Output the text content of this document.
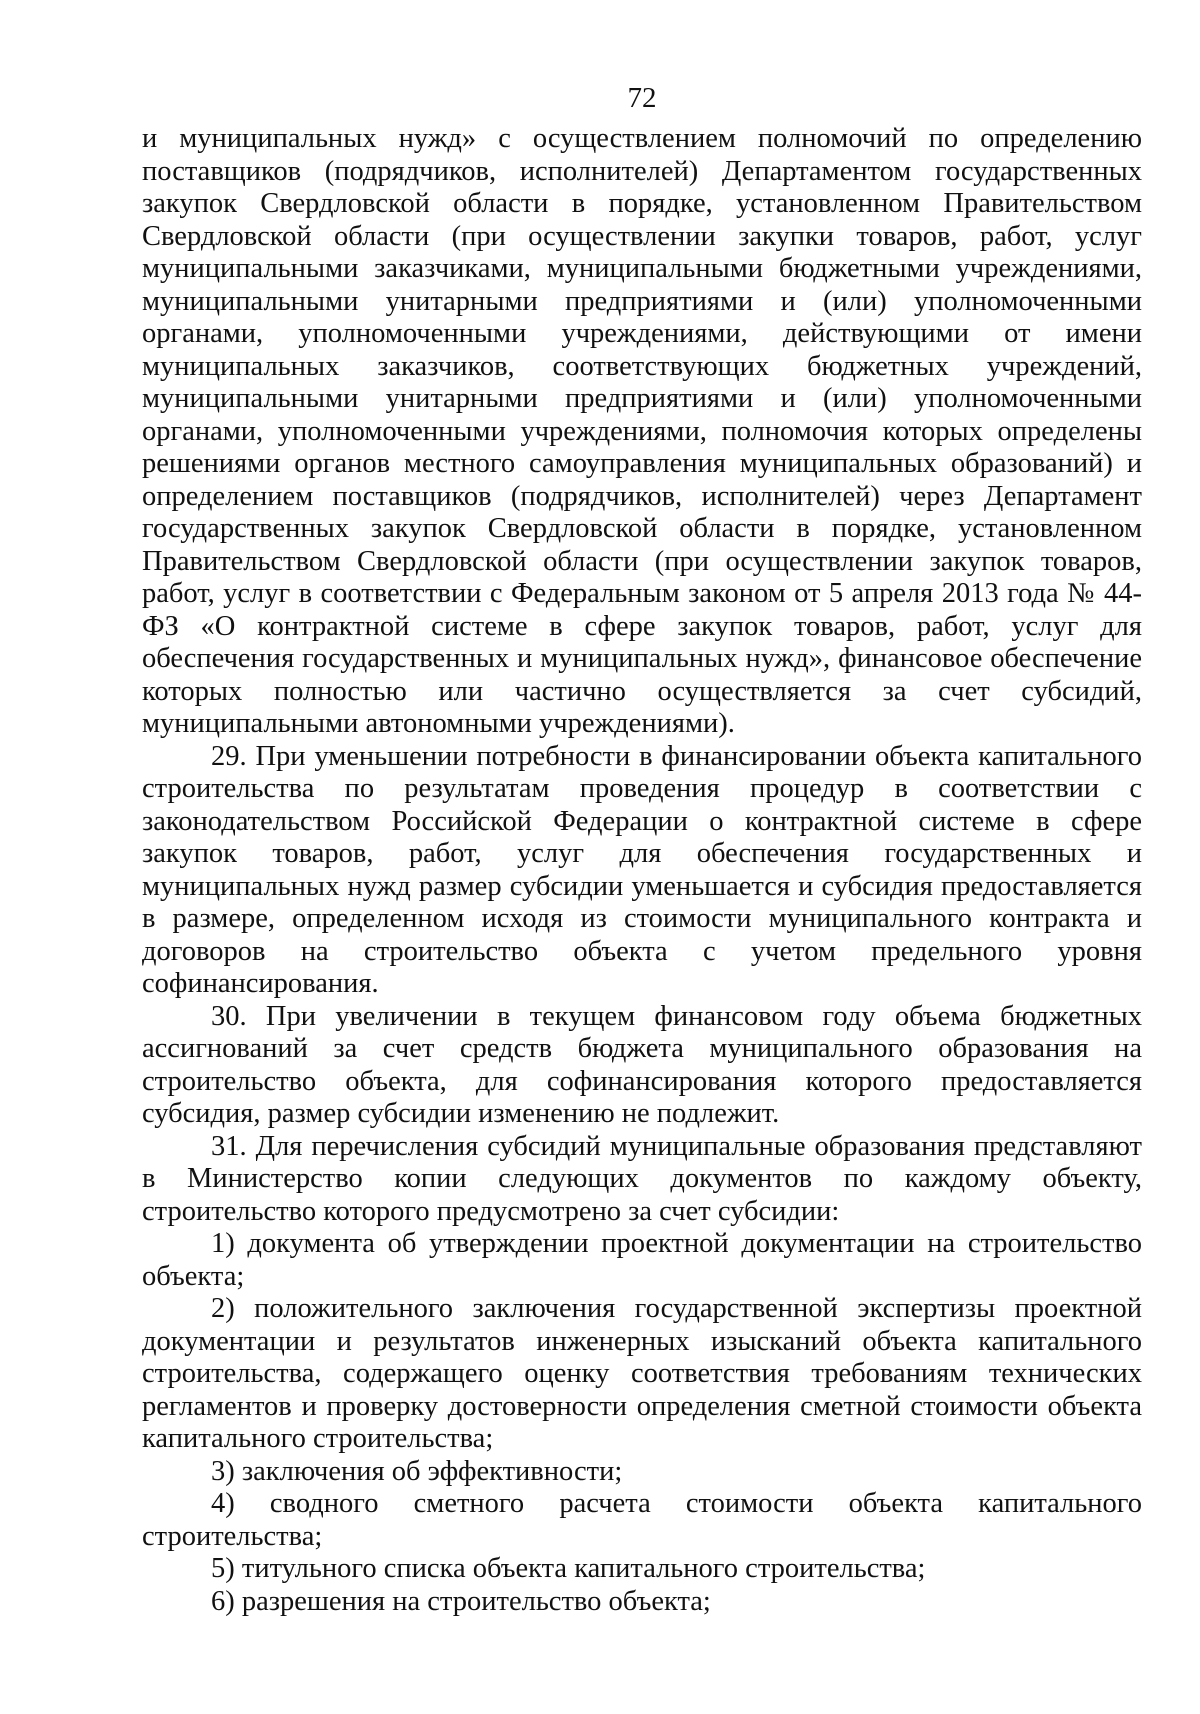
72

и муниципальных нужд» с осуществлением полномочий по определению поставщиков (подрядчиков, исполнителей) Департаментом государственных закупок Свердловской области в порядке, установленном Правительством Свердловской области (при осуществлении закупки товаров, работ, услуг муниципальными заказчиками, муниципальными бюджетными учреждениями, муниципальными унитарными предприятиями и (или) уполномоченными органами, уполномоченными учреждениями, действующими от имени муниципальных заказчиков, соответствующих бюджетных учреждений, муниципальными унитарными предприятиями и (или) уполномоченными органами, уполномоченными учреждениями, полномочия которых определены решениями органов местного самоуправления муниципальных образований) и определением поставщиков (подрядчиков, исполнителей) через Департамент государственных закупок Свердловской области в порядке, установленном Правительством Свердловской области (при осуществлении закупок товаров, работ, услуг в соответствии с Федеральным законом от 5 апреля 2013 года № 44-ФЗ «О контрактной системе в сфере закупок товаров, работ, услуг для обеспечения государственных и муниципальных нужд», финансовое обеспечение которых полностью или частично осуществляется за счет субсидий, муниципальными автономными учреждениями).

29. При уменьшении потребности в финансировании объекта капитального строительства по результатам проведения процедур в соответствии с законодательством Российской Федерации о контрактной системе в сфере закупок товаров, работ, услуг для обеспечения государственных и муниципальных нужд размер субсидии уменьшается и субсидия предоставляется в размере, определенном исходя из стоимости муниципального контракта и договоров на строительство объекта с учетом предельного уровня софинансирования.

30. При увеличении в текущем финансовом году объема бюджетных ассигнований за счет средств бюджета муниципального образования на строительство объекта, для софинансирования которого предоставляется субсидия, размер субсидии изменению не подлежит.

31. Для перечисления субсидий муниципальные образования представляют в Министерство копии следующих документов по каждому объекту, строительство которого предусмотрено за счет субсидии:

1) документа об утверждении проектной документации на строительство объекта;

2) положительного заключения государственной экспертизы проектной документации и результатов инженерных изысканий объекта капитального строительства, содержащего оценку соответствия требованиям технических регламентов и проверку достоверности определения сметной стоимости объекта капитального строительства;

3) заключения об эффективности;

4) сводного сметного расчета стоимости объекта капитального строительства;

5) титульного списка объекта капитального строительства;

6) разрешения на строительство объекта;
